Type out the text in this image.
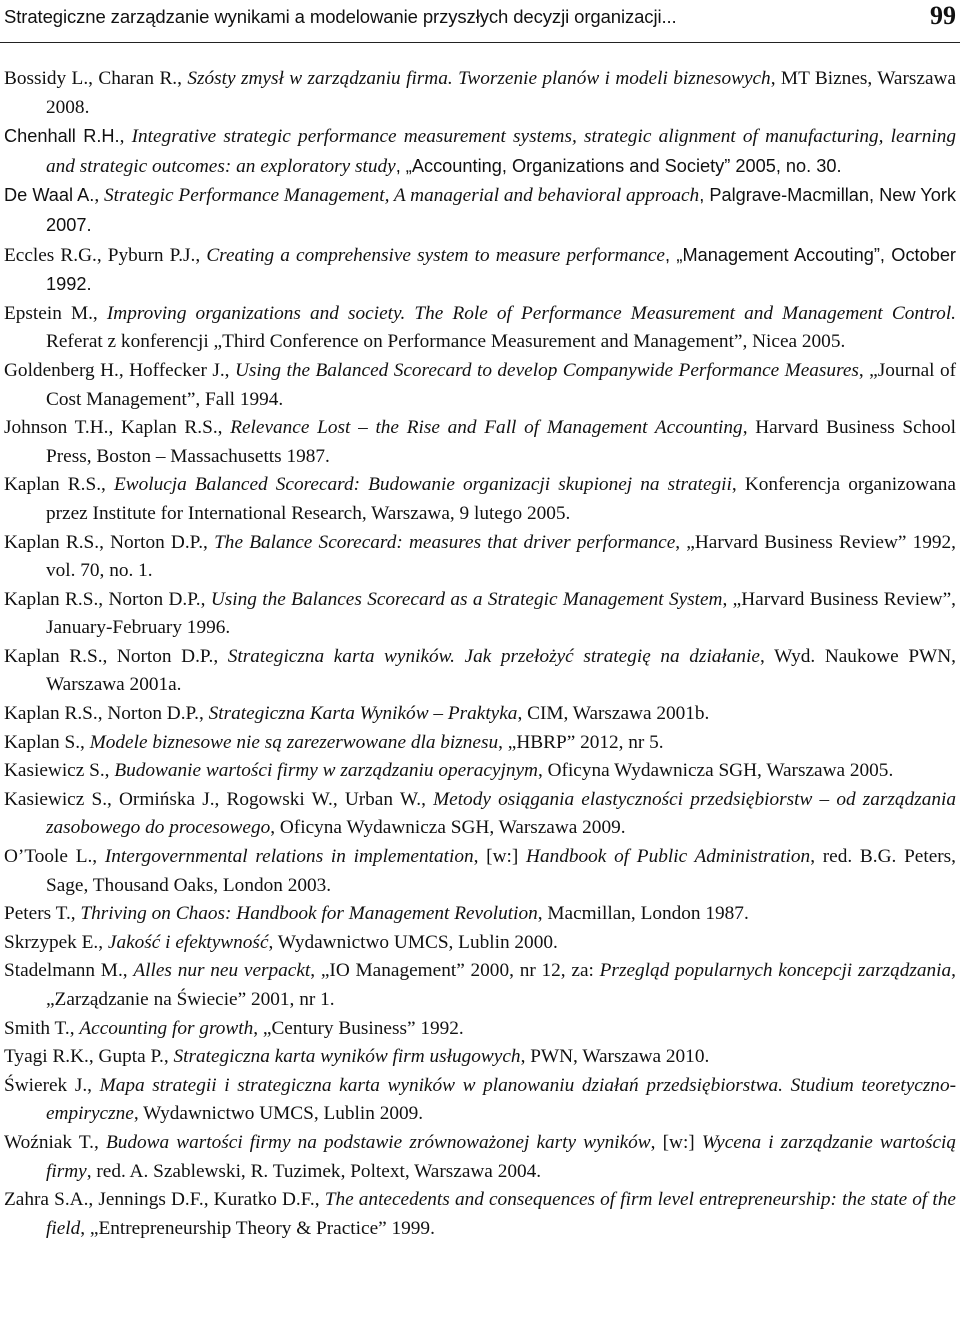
Strategiczne zarządzanie wynikami a modelowanie przyszłych decyzji organizacji...	99
Bossidy L., Charan R., Szósty zmysł w zarządzaniu firma. Tworzenie planów i modeli biznesowych, MT Biznes, Warszawa 2008.
Chenhall R.H., Integrative strategic performance measurement systems, strategic alignment of manufacturing, learning and strategic outcomes: an exploratory study, „Accounting, Organizations and Society” 2005, no. 30.
De Waal A., Strategic Performance Management, A managerial and behavioral approach, Palgrave-Macmillan, New York 2007.
Eccles R.G., Pyburn P.J., Creating a comprehensive system to measure performance, „Management Accouting”, October 1992.
Epstein M., Improving organizations and society. The Role of Performance Measurement and Management Control. Referat z konferencji „Third Conference on Performance Measurement and Management”, Nicea 2005.
Goldenberg H., Hoffecker J., Using the Balanced Scorecard to develop Companywide Performance Measures, „Journal of Cost Management”, Fall 1994.
Johnson T.H., Kaplan R.S., Relevance Lost – the Rise and Fall of Management Accounting, Harvard Business School Press, Boston – Massachusetts 1987.
Kaplan R.S., Ewolucja Balanced Scorecard: Budowanie organizacji skupionej na strategii, Konferencja organizowana przez Institute for International Research, Warszawa, 9 lutego 2005.
Kaplan R.S., Norton D.P., The Balance Scorecard: measures that driver performance, „Harvard Business Review” 1992, vol. 70, no. 1.
Kaplan R.S., Norton D.P., Using the Balances Scorecard as a Strategic Management System, „Harvard Business Review”, January-February 1996.
Kaplan R.S., Norton D.P., Strategiczna karta wyników. Jak przełożyć strategię na działanie, Wyd. Naukowe PWN, Warszawa 2001a.
Kaplan R.S., Norton D.P., Strategiczna Karta Wyników – Praktyka, CIM, Warszawa 2001b.
Kaplan S., Modele biznesowe nie są zarezerwowane dla biznesu, „HBRP” 2012, nr 5.
Kasiewicz S., Budowanie wartości firmy w zarządzaniu operacyjnym, Oficyna Wydawnicza SGH, Warszawa 2005.
Kasiewicz S., Ormińska J., Rogowski W., Urban W., Metody osiągania elastyczności przedsiębiorstw – od zarządzania zasobowego do procesowego, Oficyna Wydawnicza SGH, Warszawa 2009.
O’Toole L., Intergovernmental relations in implementation, [w:] Handbook of Public Administration, red. B.G. Peters, Sage, Thousand Oaks, London 2003.
Peters T., Thriving on Chaos: Handbook for Management Revolution, Macmillan, London 1987.
Skrzypek E., Jakość i efektywność, Wydawnictwo UMCS, Lublin 2000.
Stadelmann M., Alles nur neu verpackt, „IO Management” 2000, nr 12, za: Przegląd popularnych koncepcji zarządzania, „Zarządzanie na Świecie” 2001, nr 1.
Smith T., Accounting for growth, „Century Business” 1992.
Tyagi R.K., Gupta P., Strategiczna karta wyników firm usługowych, PWN, Warszawa 2010.
Świerek J., Mapa strategii i strategiczna karta wyników w planowaniu działań przedsiębiorstwa. Studium teoretyczno-empiryczne, Wydawnictwo UMCS, Lublin 2009.
Woźniak T., Budowa wartości firmy na podstawie zrównoważonej karty wyników, [w:] Wycena i zarządzanie wartością firmy, red. A. Szablewski, R. Tuzimek, Poltext, Warszawa 2004.
Zahra S.A., Jennings D.F., Kuratko D.F., The antecedents and consequences of firm level entrepreneurship: the state of the field, „Entrepreneurship Theory & Practice” 1999.
